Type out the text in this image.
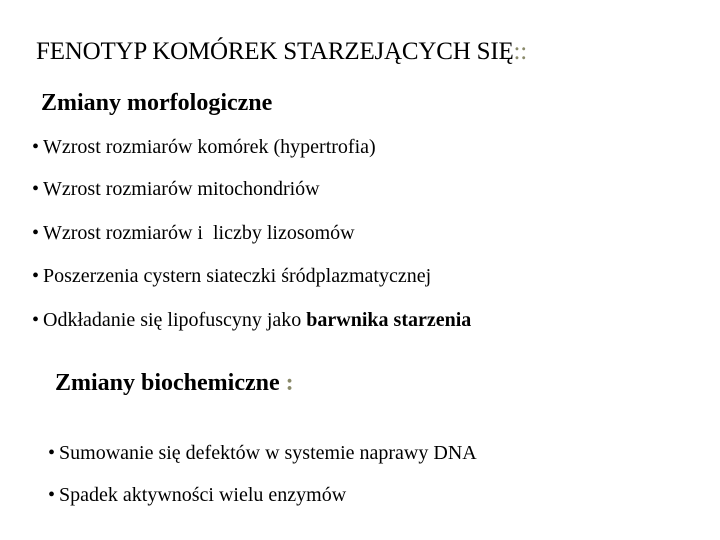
FENOTYP KOMÓREK STARZEJĄCYCH SIĘ::
Zmiany morfologiczne
• Wzrost rozmiarów komórek (hypertrofia)
• Wzrost rozmiarów mitochondriów
• Wzrost rozmiarów i  liczby lizosomów
• Poszerzenia cystern siateczki śródplazmatycznej
• Odkładanie się lipofuscyny jako barwnika starzenia
Zmiany biochemiczne :
• Sumowanie się defektów w systemie naprawy DNA
• Spadek aktywności wielu enzymów
